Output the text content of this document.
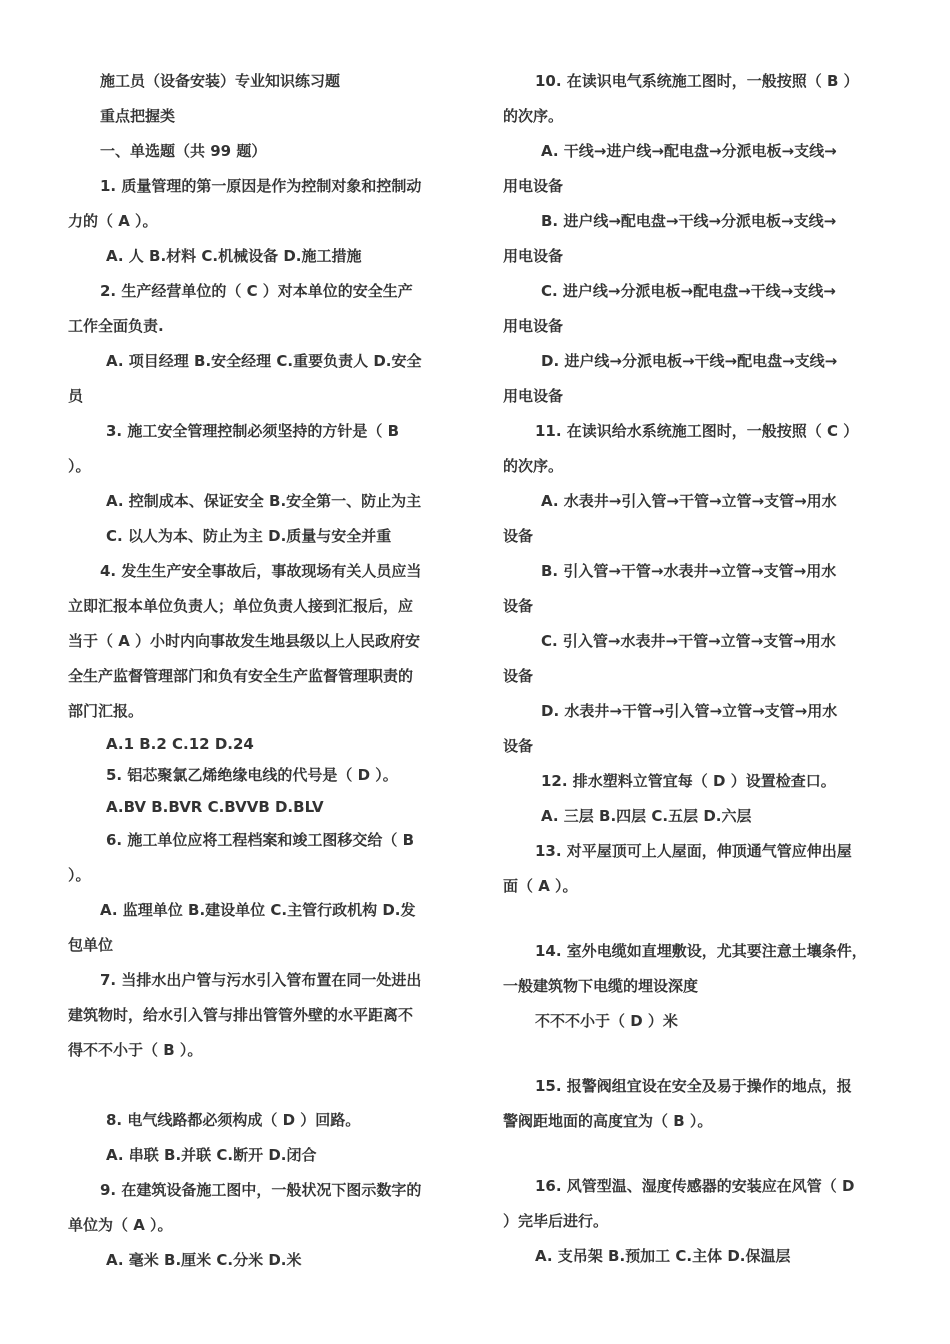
施工员（设备安装）专业知识练习题
重点把握类
一、单选题（共 99 题）
1. 质量管理的第一原因是作为控制对象和控制动
力的（ A ）。
A. 人 B.材料 C.机械设备 D.施工措施
2. 生产经营单位的（ C ）对本单位的安全生产
工作全面负责.
A. 项目经理 B.安全经理 C.重要负责人 D.安全
员
3. 施工安全管理控制必须坚持的方针是（ B
）。
A. 控制成本、保证安全 B.安全第一、防止为主
C. 以人为本、防止为主 D.质量与安全并重
4. 发生生产安全事故后，事故现场有关人员应当
立即汇报本单位负责人；单位负责人接到汇报后，应
当于（ A ）小时内向事故发生地县级以上人民政府安
全生产监督管理部门和负有安全生产监督管理职责的
部门汇报。
A.1 B.2 C.12 D.24
5. 铝芯聚氯乙烯绝缘电线的代号是（ D ）。
A.BV B.BVR C.BVVB D.BLV
6. 施工单位应将工程档案和竣工图移交给（ B
）。
A. 监理单位 B.建设单位 C.主管行政机构 D.发
包单位
7. 当排水出户管与污水引入管布置在同一处进出
建筑物时，给水引入管与排出管管外壁的水平距离不
得不不小于（ B ）。
8. 电气线路都必须构成（ D ）回路。
A. 串联 B.并联 C.断开 D.闭合
9. 在建筑设备施工图中，一般状况下图示数字的
单位为（ A ）。
A. 毫米 B.厘米 C.分米 D.米
10. 在读识电气系统施工图时，一般按照（ B ）
的次序。
A. 干线→进户线→配电盘→分派电板→支线→
用电设备
B. 进户线→配电盘→干线→分派电板→支线→
用电设备
C. 进户线→分派电板→配电盘→干线→支线→
用电设备
D. 进户线→分派电板→干线→配电盘→支线→
用电设备
11. 在读识给水系统施工图时，一般按照（ C ）
的次序。
A. 水表井→引入管→干管→立管→支管→用水
设备
B. 引入管→干管→水表井→立管→支管→用水
设备
C. 引入管→水表井→干管→立管→支管→用水
设备
D. 水表井→干管→引入管→立管→支管→用水
设备
12. 排水塑料立管宜每（ D ）设置检查口。
A. 三层 B.四层 C.五层 D.六层
13. 对平屋顶可上人屋面，伸顶通气管应伸出屋
面（ A ）。
14. 室外电缆如直埋敷设，尤其要注意土壤条件，
一般建筑物下电缆的埋设深度
不不不小于（ D ）米
15. 报警阀组宜设在安全及易于操作的地点，报
警阀距地面的高度宜为（ B ）。
16. 风管型温、湿度传感器的安装应在风管（ D
）完毕后进行。
A. 支吊架 B.预加工 C.主体 D.保温层
